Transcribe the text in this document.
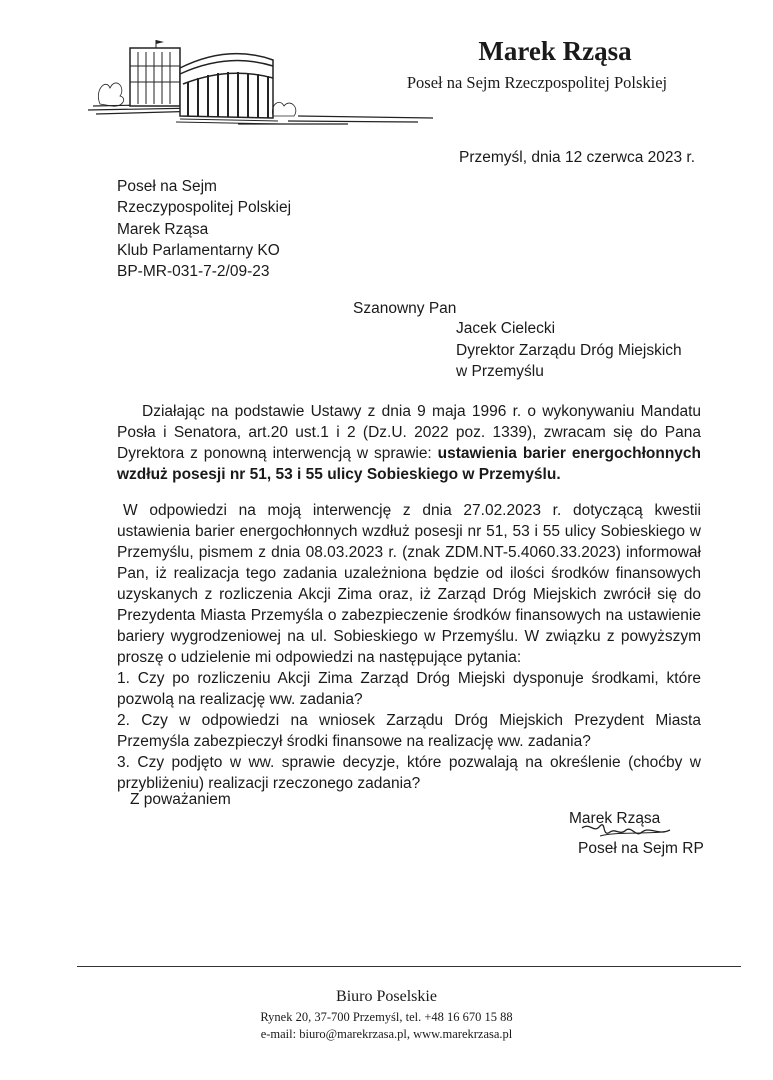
Marek Rząsa
Poseł na Sejm Rzeczpospolitej Polskiej
Przemyśl, dnia 12 czerwca 2023 r.
Poseł na Sejm
Rzeczypospolitej Polskiej
Marek Rząsa
Klub Parlamentarny KO
BP-MR-031-7-2/09-23
Szanowny Pan
Jacek Cielecki
Dyrektor Zarządu Dróg Miejskich
w Przemyślu
Działając na podstawie Ustawy z dnia 9 maja 1996 r. o wykonywaniu Mandatu Posła i Senatora, art.20 ust.1 i 2 (Dz.U. 2022 poz. 1339), zwracam się do Pana Dyrektora z ponowną interwencją w sprawie: ustawienia barier energochłonnych wzdłuż posesji nr 51, 53 i 55 ulicy Sobieskiego w Przemyślu.
W odpowiedzi na moją interwencję z dnia 27.02.2023 r. dotyczącą kwestii ustawienia barier energochłonnych wzdłuż posesji nr 51, 53 i 55 ulicy Sobieskiego w Przemyślu, pismem z dnia 08.03.2023 r. (znak ZDM.NT-5.4060.33.2023) informował Pan, iż realizacja tego zadania uzależniona będzie od ilości środków finansowych uzyskanych z rozliczenia Akcji Zima oraz, iż Zarząd Dróg Miejskich zwrócił się do Prezydenta Miasta Przemyśla o zabezpieczenie środków finansowych na ustawienie bariery wygrodzeniowej na ul. Sobieskiego w Przemyślu. W związku z powyższym proszę o udzielenie mi odpowiedzi na następujące pytania:
1. Czy po rozliczeniu Akcji Zima Zarząd Dróg Miejski dysponuje środkami, które pozwolą na realizację ww. zadania?
2. Czy w odpowiedzi na wniosek Zarządu Dróg Miejskich Prezydent Miasta Przemyśla zabezpieczył środki finansowe na realizację ww. zadania?
3. Czy podjęto w ww. sprawie decyzje, które pozwalają na określenie (choćby w przybliżeniu) realizacji rzeczonego zadania?
Z poważaniem
Marek Rząsa
Poseł na Sejm RP
Biuro Poselskie
Rynek 20, 37-700 Przemyśl, tel. +48 16 670 15 88
e-mail: biuro@marekrzasa.pl, www.marekrzasa.pl
